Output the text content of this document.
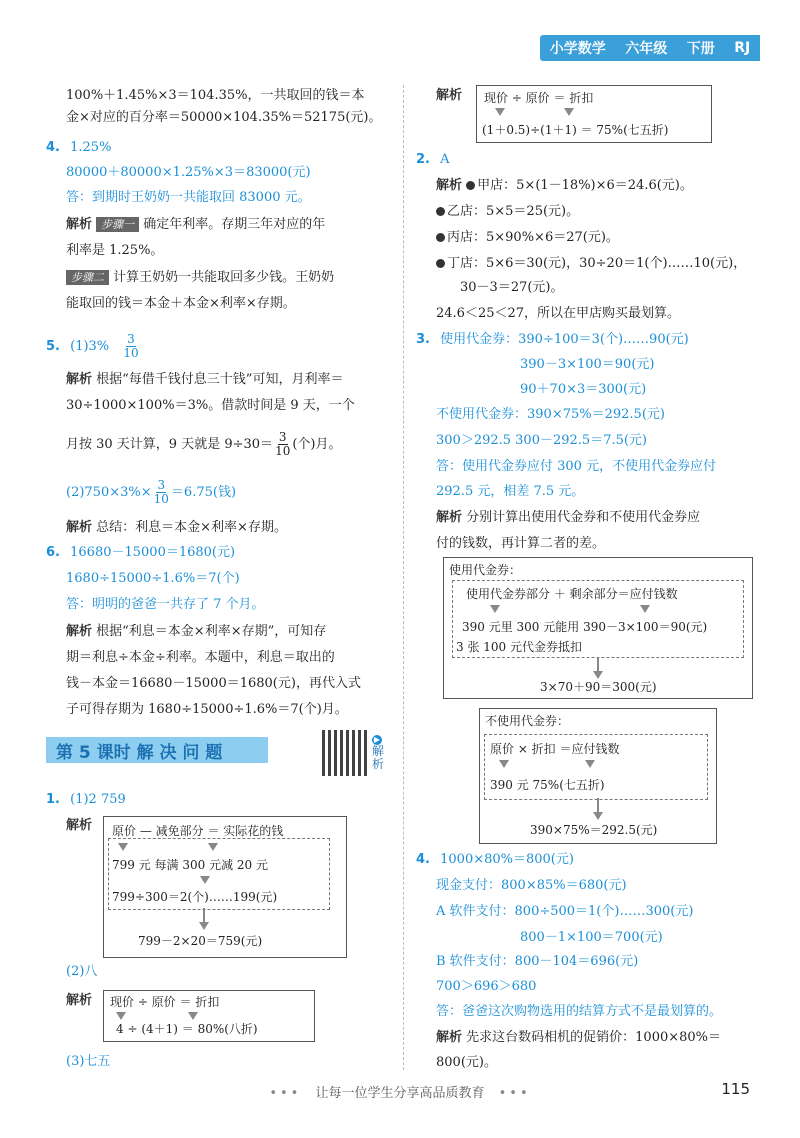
小学数学 六年级 下册 RJ
100%＋1.45%×3＝104.35%，一共取回的钱＝本
金×对应的百分率＝50000×104.35%＝52175(元)。
4. 1.25%
80000＋80000×1.25%×3＝83000(元)
答：到期时王奶奶一共能取回 83000 元。
解析 步骤一 确定年利率。存期三年对应的年
利率是 1.25%。
步骤二 计算王奶奶一共能取回多少钱。王奶奶
能取回的钱＝本金＋本金×利率×存期。
5. $(1)3\% \frac{3}{10}$
解析 根据“每借千钱付息三十钱”可知，月利率＝
30÷1000×100%＝3%。借款时间是 9 天，一个
月按 30 天计算，9 天就是 $9\div 30= \frac{3}{10}$ (个)月。
$(2)750\times 3\%\times \frac{3}{10} =6.75$(钱)
解析 总结：利息＝本金×利率×存期。
6. 16680－15000＝1680(元)
1680÷15000÷1.6%＝7(个)
答：明明的爸爸一共存了 7 个月。
解析 根据“利息＝本金×利率×存期”，可知存
期＝利息÷本金÷利率。本题中，利息＝取出的
钱－本金＝16680－15000＝1680(元)，再代入式
子可得存期为 1680÷15000÷1.6%＝7(个)月。
第 5 课时 解 决 问 题
▶
解析
1. (1)2 759
解析 原价 — 减免部分 ＝ 实际花的钱
799 元 每满 300 元减 20 元
799÷300＝2(个)……199(元)
799－2×20＝759(元)
(2)八
解析 现价 ÷ 原价 ＝ 折扣
4 ÷ (4＋1) ＝ 80%(八折)
(3)七五
解析 现价 ÷ 原价 ＝ 折扣
(1＋0.5)÷(1＋1) ＝ 75%(七五折)
2. A
解析 甲店：5×(1－18%)×6＝24.6(元)。
乙店：5×5＝25(元)。
丙店：5×90%×6＝27(元)。
丁店：5×6＝30(元)，30÷20＝1(个)……10(元)，
30－3＝27(元)。
24.6＜25＜27，所以在甲店购买最划算。
3. 使用代金券：390÷100＝3(个)……90(元)
390－3×100＝90(元)
90＋70×3＝300(元)
不使用代金券：390×75%＝292.5(元)
300＞292.5 300－292.5＝7.5(元)
答：使用代金券应付 300 元，不使用代金券应付
292.5 元，相差 7.5 元。
解析 分别计算出使用代金券和不使用代金券应
付的钱数，再计算二者的差。
使用代金券：
使用代金券部分 ＋ 剩余部分＝应付钱数
390 元里 300 元能用 390－3×100＝90(元)
3 张 100 元代金券抵扣
3×70＋90＝300(元)
不使用代金券：
原价 × 折扣 ＝应付钱数
390 元 75%(七五折)
390×75%＝292.5(元)
4. 1000×80%＝800(元)
现金支付：800×85%＝680(元)
A 软件支付：800÷500＝1(个)……300(元)
800－1×100＝700(元)
B 软件支付：800－104＝696(元)
700＞696＞680
答：爸爸这次购物选用的结算方式不是最划算的。
解析 先求这台数码相机的促销价：1000×80%＝
800(元)。
••• 让每一位学生分享高品质教育 •••	115
